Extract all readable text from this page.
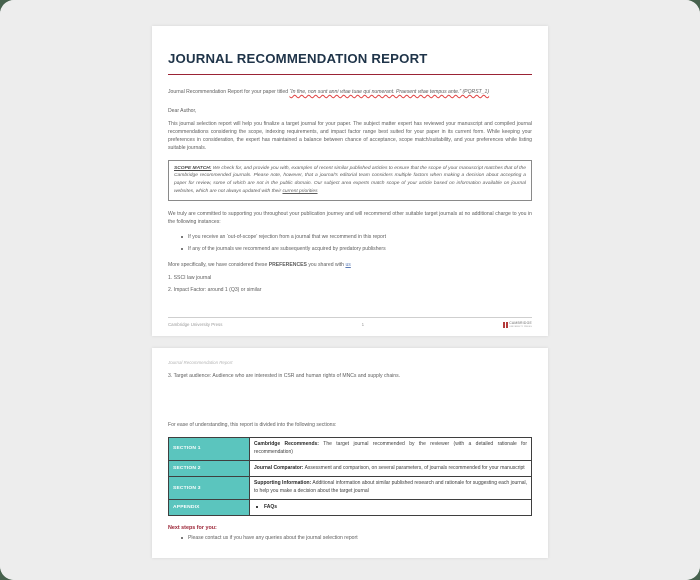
JOURNAL RECOMMENDATION REPORT

Journal Recommendation Report for your paper titled “In fine, non sunt anni vitae tuae qui numerant. Praesent vitae tempus ante.” (PQRST_1)

Dear Author,

This journal selection report will help you finalize a target journal for your paper. The subject matter expert has reviewed your manuscript and compiled journal recommendations considering the scope, indexing requirements, and impact factor range best suited for your paper in its current form. While keeping your preferences in consideration, the expert has maintained a balance between chance of acceptance, scope match/suitability, and your preferences while listing suitable journals.

SCOPE MATCH: We check for, and provide you with, examples of recent similar published articles to ensure that the scope of your manuscript matches that of the Cambridge recommended journals. Please note, however, that a journal’s editorial team considers multiple factors when making a decision about accepting a paper for review, some of which are not in the public domain. Our subject area experts match scope of your article based on information available on journal websites, which are not always updated with their current priorities

We truly are committed to supporting you throughout your publication journey and will recommend other suitable target journals at no additional charge to you in the following instances:

If you receive an ‘out-of-scope’ rejection from a journal that we recommend in this report
If any of the journals we recommend are subsequently acquired by predatory publishers

More specifically, we have considered these PREFERENCES you shared with us

1. SSCI law journal
2. Impact Factor: around 1 (Q3) or similar
Cambridge University Press	1	CAMBRIDGE
UNIVERSITY PRESS

Journal Recommendation Report

3. Target audience: Audience who are interested in CSR and human rights of MNCs and supply chains.

For ease of understanding, this report is divided into the following sections:

SECTION 1	Cambridge Recommends: The target journal recommended by the reviewer (with a detailed rationale for recommendation)
SECTION 2	Journal Comparator: Assessment and comparison, on several parameters, of journals recommended for your manuscript
SECTION 3	Supporting Information: Additional information about similar published research and rationale for suggesting each journal, to help you make a decision about the target journal
APPENDIX	FAQs

Next steps for you:

Please contact us if you have any queries about the journal selection report
